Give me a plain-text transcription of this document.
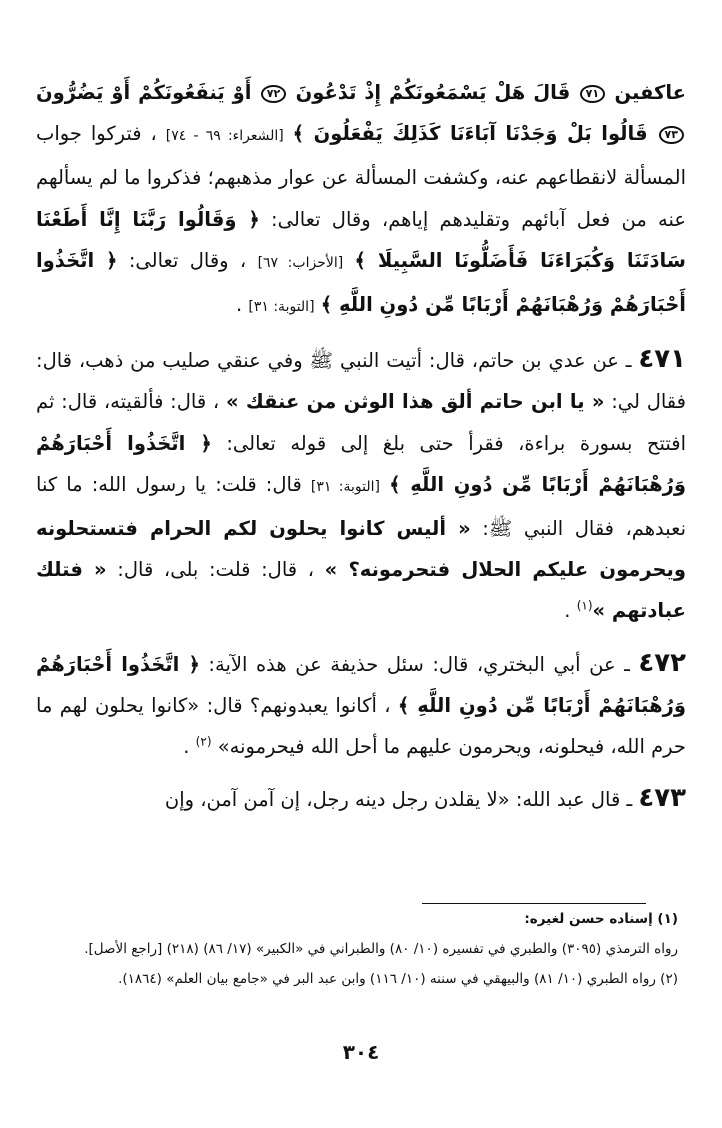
عاكفين ٧١ قَالَ هَلْ يَسْمَعُونَكُمْ إِذْ تَدْعُونَ ٧٢ أَوْ يَنفَعُونَكُمْ أَوْ يَضُرُّونَ ٧٣ قَالُوا بَلْ وَجَدْنَا آبَاءَنَا كَذَلِكَ يَفْعَلُونَ ﴾ [الشعراء: ٦٩ - ٧٤] ، فتركوا جواب المسألة لانقطاعهم عنه، وكشفت المسألة عن عوار مذهبهم؛ فذكروا ما لم يسألهم عنه من فعل آبائهم وتقليدهم إياهم، وقال تعالى: ﴿ وَقَالُوا رَبَّنَا إِنَّا أَطَعْنَا سَادَتَنَا وَكُبَرَاءَنَا فَأَضَلُّونَا السَّبِيلَا ﴾ [الأحزاب: ٦٧] ، وقال تعالى: ﴿ اتَّخَذُوا أَحْبَارَهُمْ وَرُهْبَانَهُمْ أَرْبَابًا مِّن دُونِ اللَّهِ ﴾ [التوبة: ٣١] .

٤٧١ ـ عن عدي بن حاتم، قال: أتيت النبي ﷺ وفي عنقي صليب من ذهب، قال: فقال لي: « يا ابن حاتم ألق هذا الوثن من عنقك » ، قال: فألقيته، قال: ثم افتتح بسورة براءة، فقرأ حتى بلغ إلى قوله تعالى: ﴿ اتَّخَذُوا أَحْبَارَهُمْ وَرُهْبَانَهُمْ أَرْبَابًا مِّن دُونِ اللَّهِ ﴾ [التوبة: ٣١] قال: قلت: يا رسول الله: ما كنا نعبدهم، فقال النبي ﷺ: « أليس كانوا يحلون لكم الحرام فتستحلونه ويحرمون عليكم الحلال فتحرمونه؟ » ، قال: قلت: بلى، قال: « فتلك عبادتهم »$^{(١)}$ .

٤٧٢ ـ عن أبي البختري، قال: سئل حذيفة عن هذه الآية: ﴿ اتَّخَذُوا أَحْبَارَهُمْ وَرُهْبَانَهُمْ أَرْبَابًا مِّن دُونِ اللَّهِ ﴾ ، أكانوا يعبدونهم؟ قال: «كانوا يحلون لهم ما حرم الله، فيحلونه، ويحرمون عليهم ما أحل الله فيحرمونه» $^{(٢)}$ .

٤٧٣ ـ قال عبد الله: «لا يقلدن رجل دينه رجل، إن آمن آمن، وإن

(١) إسناده حسن لغيره:

رواه الترمذي (٣٠٩٥) والطبري في تفسيره (١٠/ ٨٠) والطبراني في «الكبير» (١٧/ ٨٦) (٢١٨) [راجع الأصل].

(٢) رواه الطبري (١٠/ ٨١) والبيهقي في سننه (١٠/ ١١٦) وابن عبد البر في «جامع بيان العلم» (١٨٦٤).

٣٠٤
